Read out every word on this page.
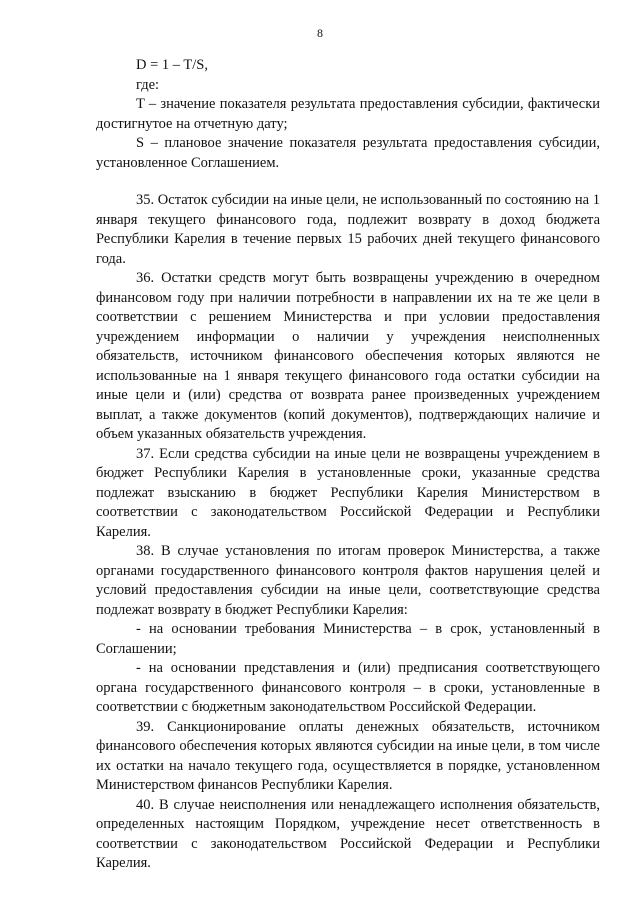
8

D = 1 – T/S,

где:

T – значение показателя результата предоставления субсидии, фактически достигнутое на отчетную дату;

S – плановое значение показателя результата предоставления субсидии, установленное Соглашением.

35. Остаток субсидии на иные цели, не использованный по состоянию на 1 января текущего финансового года, подлежит возврату в доход бюджета Республики Карелия в течение первых 15 рабочих дней текущего финансового года.

36. Остатки средств могут быть возвращены учреждению в очередном финансовом году при наличии потребности в направлении их на те же цели в соответствии с решением Министерства и при условии предоставления учреждением информации о наличии у учреждения неисполненных обязательств, источником финансового обеспечения которых являются не использованные на 1 января текущего финансового года остатки субсидии на иные цели и (или) средства от возврата ранее произведенных учреждением выплат, а также документов (копий документов), подтверждающих наличие и объем указанных обязательств учреждения.

37. Если средства субсидии на иные цели не возвращены учреждением в бюджет Республики Карелия в установленные сроки, указанные средства подлежат взысканию в бюджет Республики Карелия Министерством в соответствии с законодательством Российской Федерации и Республики Карелия.

38. В случае установления по итогам проверок Министерства, а также органами государственного финансового контроля фактов нарушения целей и условий предоставления субсидии на иные цели, соответствующие средства подлежат возврату в бюджет Республики Карелия:

- на основании требования Министерства – в срок, установленный в Соглашении;

- на основании представления и (или) предписания соответствующего органа государственного финансового контроля – в сроки, установленные в соответствии с бюджетным законодательством Российской Федерации.

39. Санкционирование оплаты денежных обязательств, источником финансового обеспечения которых являются субсидии на иные цели, в том числе их остатки на начало текущего года, осуществляется в порядке, установленном Министерством финансов Республики Карелия.

40. В случае неисполнения или ненадлежащего исполнения обязательств, определенных настоящим Порядком, учреждение несет ответственность в соответствии с законодательством Российской Федерации и Республики Карелия.
